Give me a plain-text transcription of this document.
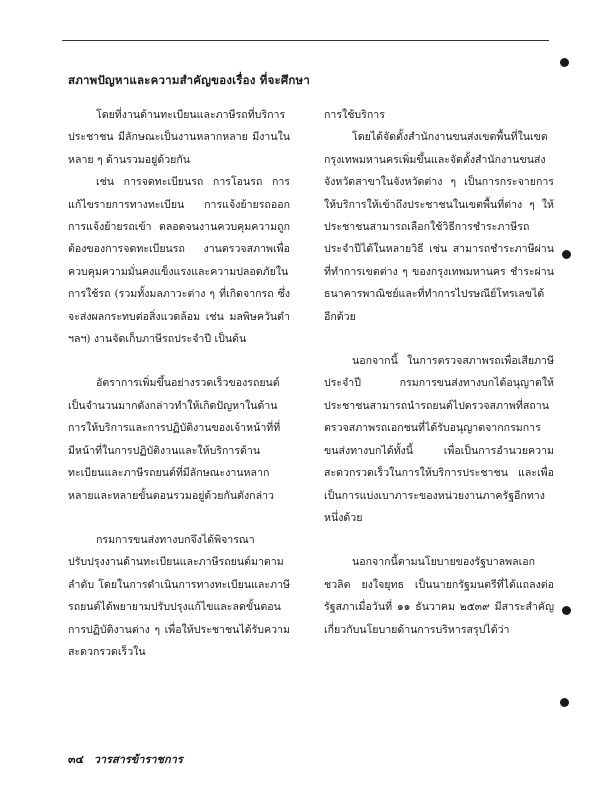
สภาพปัญหาและความสำคัญของเรื่อง ที่จะศึกษา

โดยที่งานด้านทะเบียนและภาษีรถที่บริการประชาชน มีลักษณะเป็นงานหลากหลาย มีงานในหลาย ๆ ด้านรวมอยู่ด้วยกัน

เช่น การจดทะเบียนรถ การโอนรถ การแก้ไขรายการทางทะเบียน การแจ้งย้ายรถออก การแจ้งย้ายรถเข้า ตลอดจนงานควบคุมความถูกต้องของการจดทะเบียนรถ งานตรวจสภาพเพื่อควบคุมความมั่นคงแข็งแรงและความปลอดภัยในการใช้รถ (รวมทั้งมลภาวะต่าง ๆ ที่เกิดจากรถ ซึ่งจะส่งผลกระทบต่อสิ่งแวดล้อม เช่น มลพิษควันดำฯลฯ) งานจัดเก็บภาษีรถประจำปี เป็นต้น

อัตราการเพิ่มขึ้นอย่างรวดเร็วของรถยนต์เป็นจำนวนมากดังกล่าวทำให้เกิดปัญหาในด้านการให้บริการและการปฏิบัติงานของเจ้าหน้าที่ที่มีหน้าที่ในการปฏิบัติงานและให้บริการด้านทะเบียนและภาษีรถยนต์ที่มีลักษณะงานหลากหลายและหลายขั้นตอนรวมอยู่ด้วยกันดังกล่าว

กรมการขนส่งทางบกจึงได้พิจารณาปรับปรุงงานด้านทะเบียนและภาษีรถยนต์มาตามลำดับ โดยในการดำเนินการทางทะเบียนและภาษีรถยนต์ได้พยายามปรับปรุงแก้ไขและลดขั้นตอนการปฏิบัติงานต่าง ๆ เพื่อให้ประชาชนได้รับความสะดวกรวดเร็วใน

การใช้บริการ

โดยได้จัดตั้งสำนักงานขนส่งเขตพื้นที่ในเขตกรุงเทพมหานครเพิ่มขึ้นและจัดตั้งสำนักงานขนส่งจังหวัดสาขาในจังหวัดต่าง ๆ เป็นการกระจายการให้บริการให้เข้าถึงประชาชนในเขตพื้นที่ต่าง ๆ ให้ประชาชนสามารถเลือกใช้วิธีการชำระภาษีรถประจำปีได้ในหลายวิธี เช่น สามารถชำระภาษีผ่านที่ทำการเขตต่าง ๆ ของกรุงเทพมหานคร ชำระผ่านธนาคารพาณิชย์และที่ทำการไปรษณีย์โทรเลขได้อีกด้วย

นอกจากนี้ ในการตรวจสภาพรถเพื่อเสียภาษีประจำปี กรมการขนส่งทางบกได้อนุญาตให้ประชาชนสามารถนำรถยนต์ไปตรวจสภาพที่สถานตรวจสภาพรถเอกชนที่ได้รับอนุญาตจากกรมการขนส่งทางบกได้ทั้งนี้ เพื่อเป็นการอำนวยความสะดวกรวดเร็วในการให้บริการประชาชน และเพื่อเป็นการแบ่งเบาภาระของหน่วยงานภาครัฐอีกทางหนึ่งด้วย

นอกจากนี้ตามนโยบายของรัฐบาลพลเอกชวลิต ยงใจยุทธ เป็นนายกรัฐมนตรีที่ได้แถลงต่อรัฐสภาเมื่อวันที่ ๑๑ ธันวาคม ๒๕๓๙ มีสาระสำคัญเกี่ยวกับนโยบายด้านการบริหารสรุปได้ว่า

๓๔ วารสารข้าราชการ
